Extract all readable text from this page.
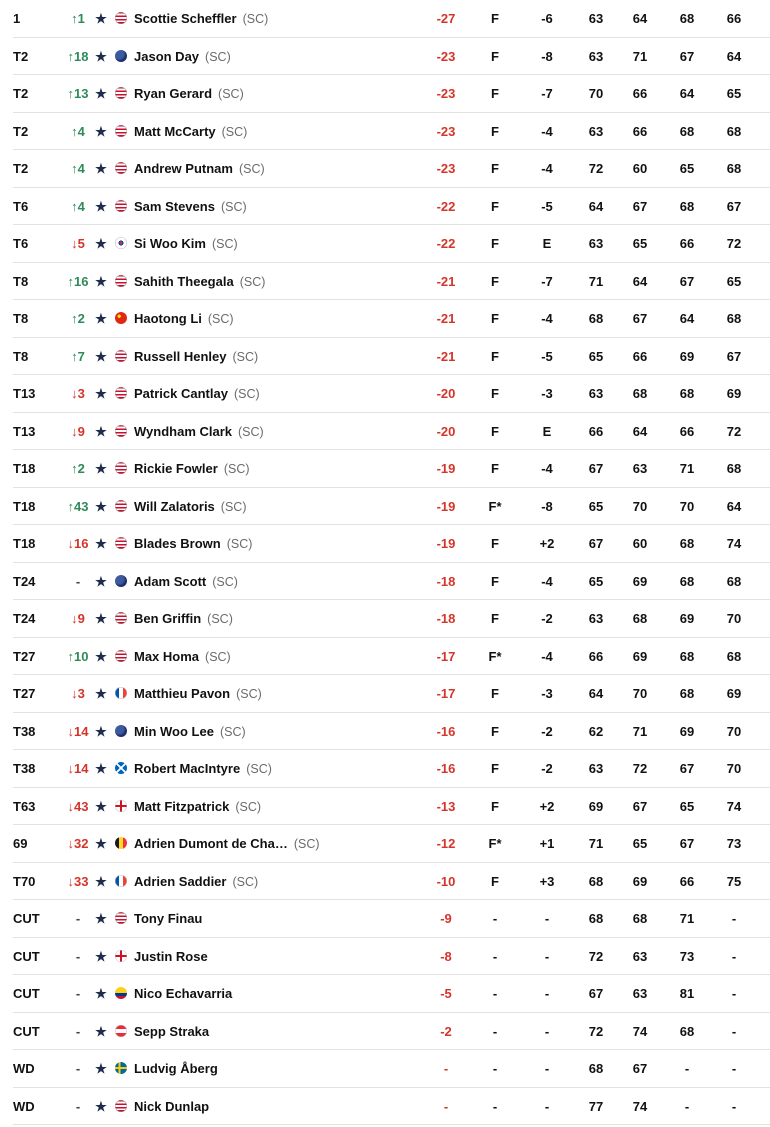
1	↑1 ★ Scottie Scheffler (SC)	-27	F	-6	63	64	68	66
T2	↑18 ★ Jason Day (SC)	-23	F	-8	63	71	67	64
T2	↑13 ★ Ryan Gerard (SC)	-23	F	-7	70	66	64	65
T2	↑4 ★ Matt McCarty (SC)	-23	F	-4	63	66	68	68
T2	↑4 ★ Andrew Putnam (SC)	-23	F	-4	72	60	65	68
T6	↑4 ★ Sam Stevens (SC)	-22	F	-5	64	67	68	67
T6	↓5 ★ Si Woo Kim (SC)	-22	F	E	63	65	66	72
T8	↑16 ★ Sahith Theegala (SC)	-21	F	-7	71	64	67	65
T8	↑2 ★ Haotong Li (SC)	-21	F	-4	68	67	64	68
T8	↑7 ★ Russell Henley (SC)	-21	F	-5	65	66	69	67
T13	↓3 ★ Patrick Cantlay (SC)	-20	F	-3	63	68	68	69
T13	↓9 ★ Wyndham Clark (SC)	-20	F	E	66	64	66	72
T18	↑2 ★ Rickie Fowler (SC)	-19	F	-4	67	63	71	68
T18	↑43 ★ Will Zalatoris (SC)	-19	F*	-8	65	70	70	64
T18	↓16 ★ Blades Brown (SC)	-19	F	+2	67	60	68	74
T24	-	★ Adam Scott (SC)	-18	F	-4	65	69	68	68
T24	↓9 ★ Ben Griffin (SC)	-18	F	-2	63	68	69	70
T27	↑10 ★ Max Homa (SC)	-17	F*	-4	66	69	68	68
T27	↓3 ★ Matthieu Pavon (SC)	-17	F	-3	64	70	68	69
T38	↓14 ★ Min Woo Lee (SC)	-16	F	-2	62	71	69	70
T38	↓14 ★ Robert MacIntyre (SC)	-16	F	-2	63	72	67	70
T63	↓43 ★ Matt Fitzpatrick (SC)	-13	F	+2	69	67	65	74
69	↓32 ★ Adrien Dumont de Cha… (SC)	-12	F*	+1	71	65	67	73
T70	↓33 ★ Adrien Saddier (SC)	-10	F	+3	68	69	66	75
CUT	-	★ Tony Finau	-9	-	-	68	68	71	-
CUT	-	★ Justin Rose	-8	-	-	72	63	73	-
CUT	-	★ Nico Echavarria	-5	-	-	67	63	81	-
CUT	-	★ Sepp Straka	-2	-	-	72	74	68	-
WD	-	★ Ludvig Åberg	-	-	-	68	67	-	-
WD	-	★ Nick Dunlap	-	-	-	77	74	-	-
